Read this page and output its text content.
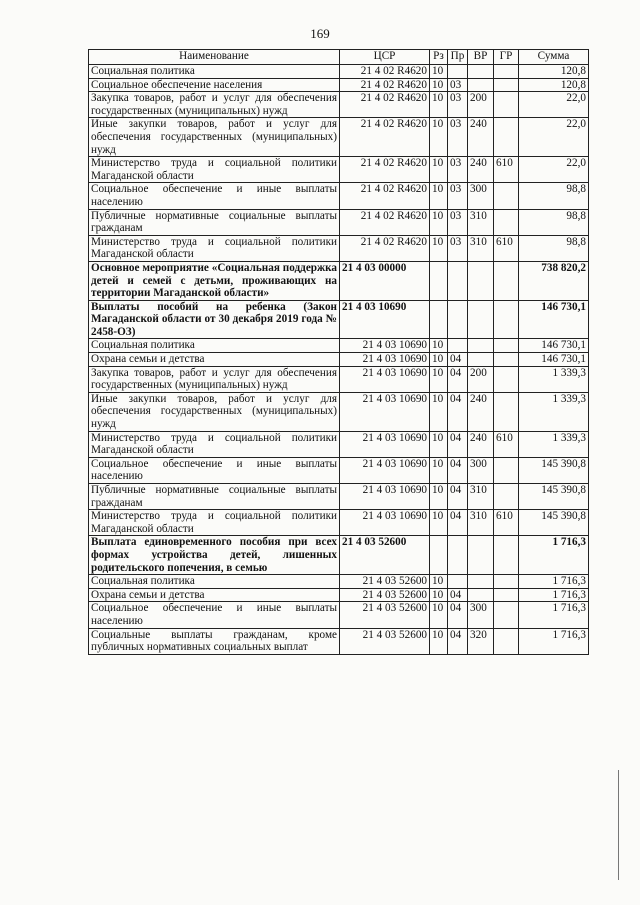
169
Наименование	ЦСР	Рз	Пр	ВР	ГР	Сумма
Социальная политика	21 4 02 R4620	10				120,8
Социальное обеспечение населения	21 4 02 R4620	10	03			120,8
Закупка товаров, работ и услуг для обеспечения государственных (муниципальных) нужд	21 4 02 R4620	10	03	200		22,0
Иные закупки товаров, работ и услуг для обеспечения государственных (муниципальных) нужд	21 4 02 R4620	10	03	240		22,0
Министерство труда и социальной политики Магаданской области	21 4 02 R4620	10	03	240	610	22,0
Социальное обеспечение и иные выплаты населению	21 4 02 R4620	10	03	300		98,8
Публичные нормативные социальные выплаты гражданам	21 4 02 R4620	10	03	310		98,8
Министерство труда и социальной политики Магаданской области	21 4 02 R4620	10	03	310	610	98,8
Основное мероприятие «Социальная поддержка детей и семей с детьми, проживающих на территории Магаданской области»	21 4 03 00000					738 820,2
Выплаты пособий на ребенка (Закон Магаданской области от 30 декабря 2019 года № 2458-ОЗ)	21 4 03 10690					146 730,1
Социальная политика	21 4 03 10690	10				146 730,1
Охрана семьи и детства	21 4 03 10690	10	04			146 730,1
Закупка товаров, работ и услуг для обеспечения государственных (муниципальных) нужд	21 4 03 10690	10	04	200		1 339,3
Иные закупки товаров, работ и услуг для обеспечения государственных (муниципальных) нужд	21 4 03 10690	10	04	240		1 339,3
Министерство труда и социальной политики Магаданской области	21 4 03 10690	10	04	240	610	1 339,3
Социальное обеспечение и иные выплаты населению	21 4 03 10690	10	04	300		145 390,8
Публичные нормативные социальные выплаты гражданам	21 4 03 10690	10	04	310		145 390,8
Министерство труда и социальной политики Магаданской области	21 4 03 10690	10	04	310	610	145 390,8
Выплата единовременного пособия при всех формах устройства детей, лишенных родительского попечения, в семью	21 4 03 52600					1 716,3
Социальная политика	21 4 03 52600	10				1 716,3
Охрана семьи и детства	21 4 03 52600	10	04			1 716,3
Социальное обеспечение и иные выплаты населению	21 4 03 52600	10	04	300		1 716,3
Социальные выплаты гражданам, кроме публичных нормативных социальных выплат	21 4 03 52600	10	04	320		1 716,3
